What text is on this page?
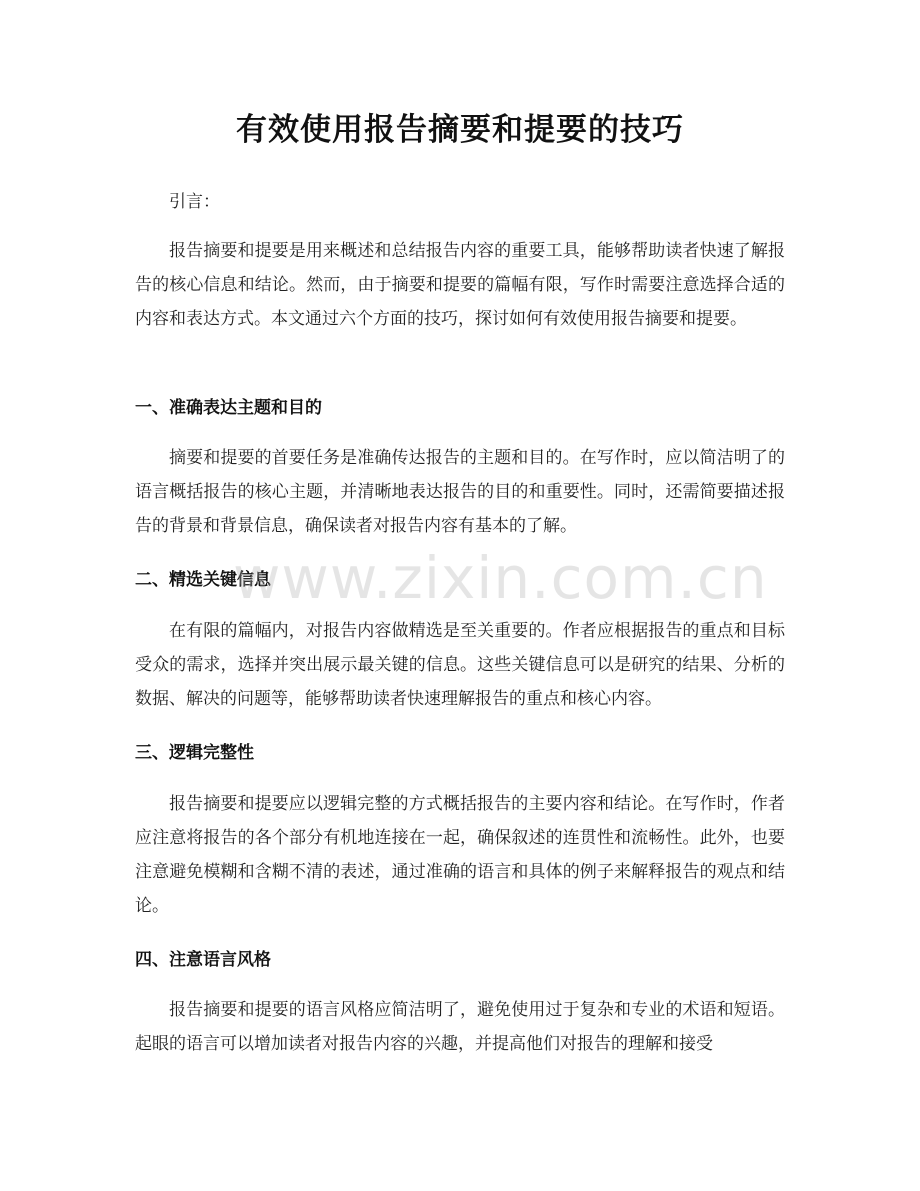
有效使用报告摘要和提要的技巧
引言：

报告摘要和提要是用来概述和总结报告内容的重要工具，能够帮助读者快速了解报告的核心信息和结论。然而，由于摘要和提要的篇幅有限，写作时需要注意选择合适的内容和表达方式。本文通过六个方面的技巧，探讨如何有效使用报告摘要和提要。

一、准确表达主题和目的

摘要和提要的首要任务是准确传达报告的主题和目的。在写作时，应以简洁明了的语言概括报告的核心主题，并清晰地表达报告的目的和重要性。同时，还需简要描述报告的背景和背景信息，确保读者对报告内容有基本的了解。

二、精选关键信息

在有限的篇幅内，对报告内容做精选是至关重要的。作者应根据报告的重点和目标受众的需求，选择并突出展示最关键的信息。这些关键信息可以是研究的结果、分析的数据、解决的问题等，能够帮助读者快速理解报告的重点和核心内容。

三、逻辑完整性

报告摘要和提要应以逻辑完整的方式概括报告的主要内容和结论。在写作时，作者应注意将报告的各个部分有机地连接在一起，确保叙述的连贯性和流畅性。此外，也要注意避免模糊和含糊不清的表述，通过准确的语言和具体的例子来解释报告的观点和结论。

四、注意语言风格

报告摘要和提要的语言风格应简洁明了，避免使用过于复杂和专业的术语和短语。起眼的语言可以增加读者对报告内容的兴趣，并提高他们对报告的理解和接受

www.zixin.com.cn
